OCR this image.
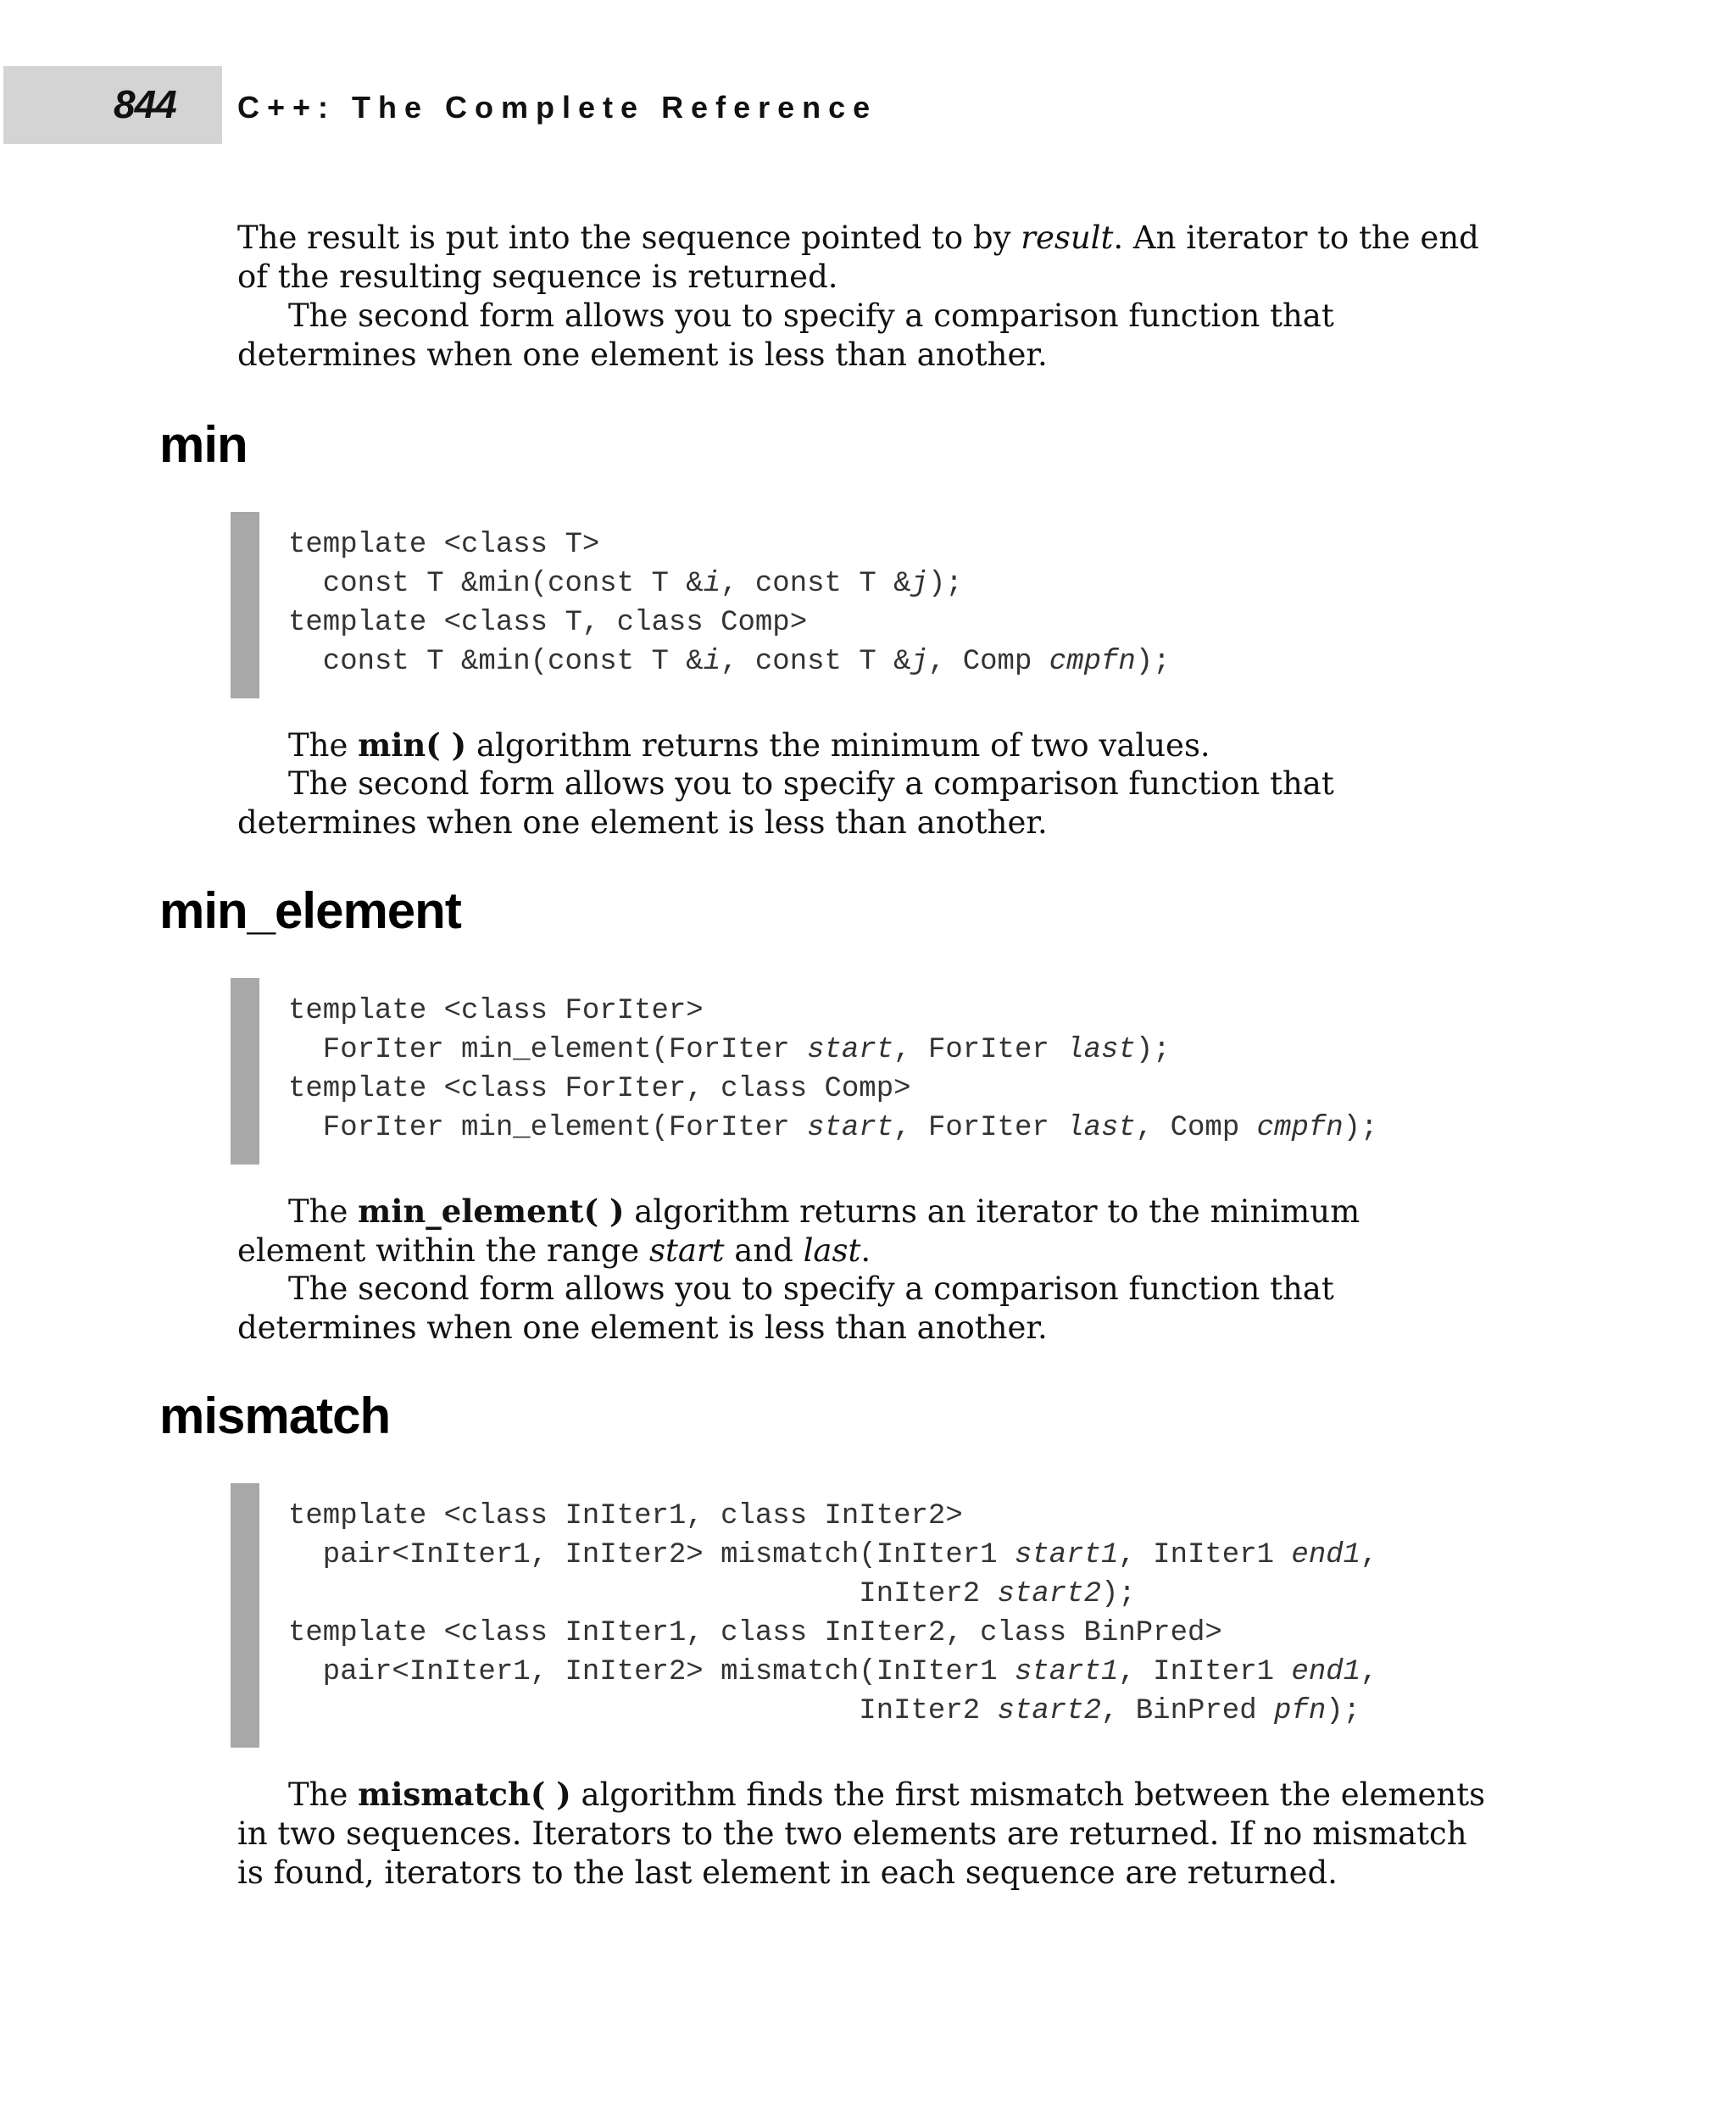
844 C++: The Complete Reference

The result is put into the sequence pointed to by result. An iterator to the end of the resulting sequence is returned.

The second form allows you to specify a comparison function that determines when one element is less than another.

min
template <class T>
const T &min(const T &i, const T &j);
template <class T, class Comp>
const T &min(const T &i, const T &j, Comp cmpfn);

The min( ) algorithm returns the minimum of two values.

The second form allows you to specify a comparison function that determines when one element is less than another.

min_element
template <class ForIter>
ForIter min_element(ForIter start, ForIter last);
template <class ForIter, class Comp>
ForIter min_element(ForIter start, ForIter last, Comp cmpfn);

The min_element( ) algorithm returns an iterator to the minimum element within the range start and last.

The second form allows you to specify a comparison function that determines when one element is less than another.

mismatch
template <class InIter1, class InIter2>
pair<InIter1, InIter2> mismatch(InIter1 start1, InIter1 end1,
InIter2 start2);
template <class InIter1, class InIter2, class BinPred>
pair<InIter1, InIter2> mismatch(InIter1 start1, InIter1 end1,
InIter2 start2, BinPred pfn);

The mismatch( ) algorithm finds the first mismatch between the elements in two sequences. Iterators to the two elements are returned. If no mismatch is found, iterators to the last element in each sequence are returned.
